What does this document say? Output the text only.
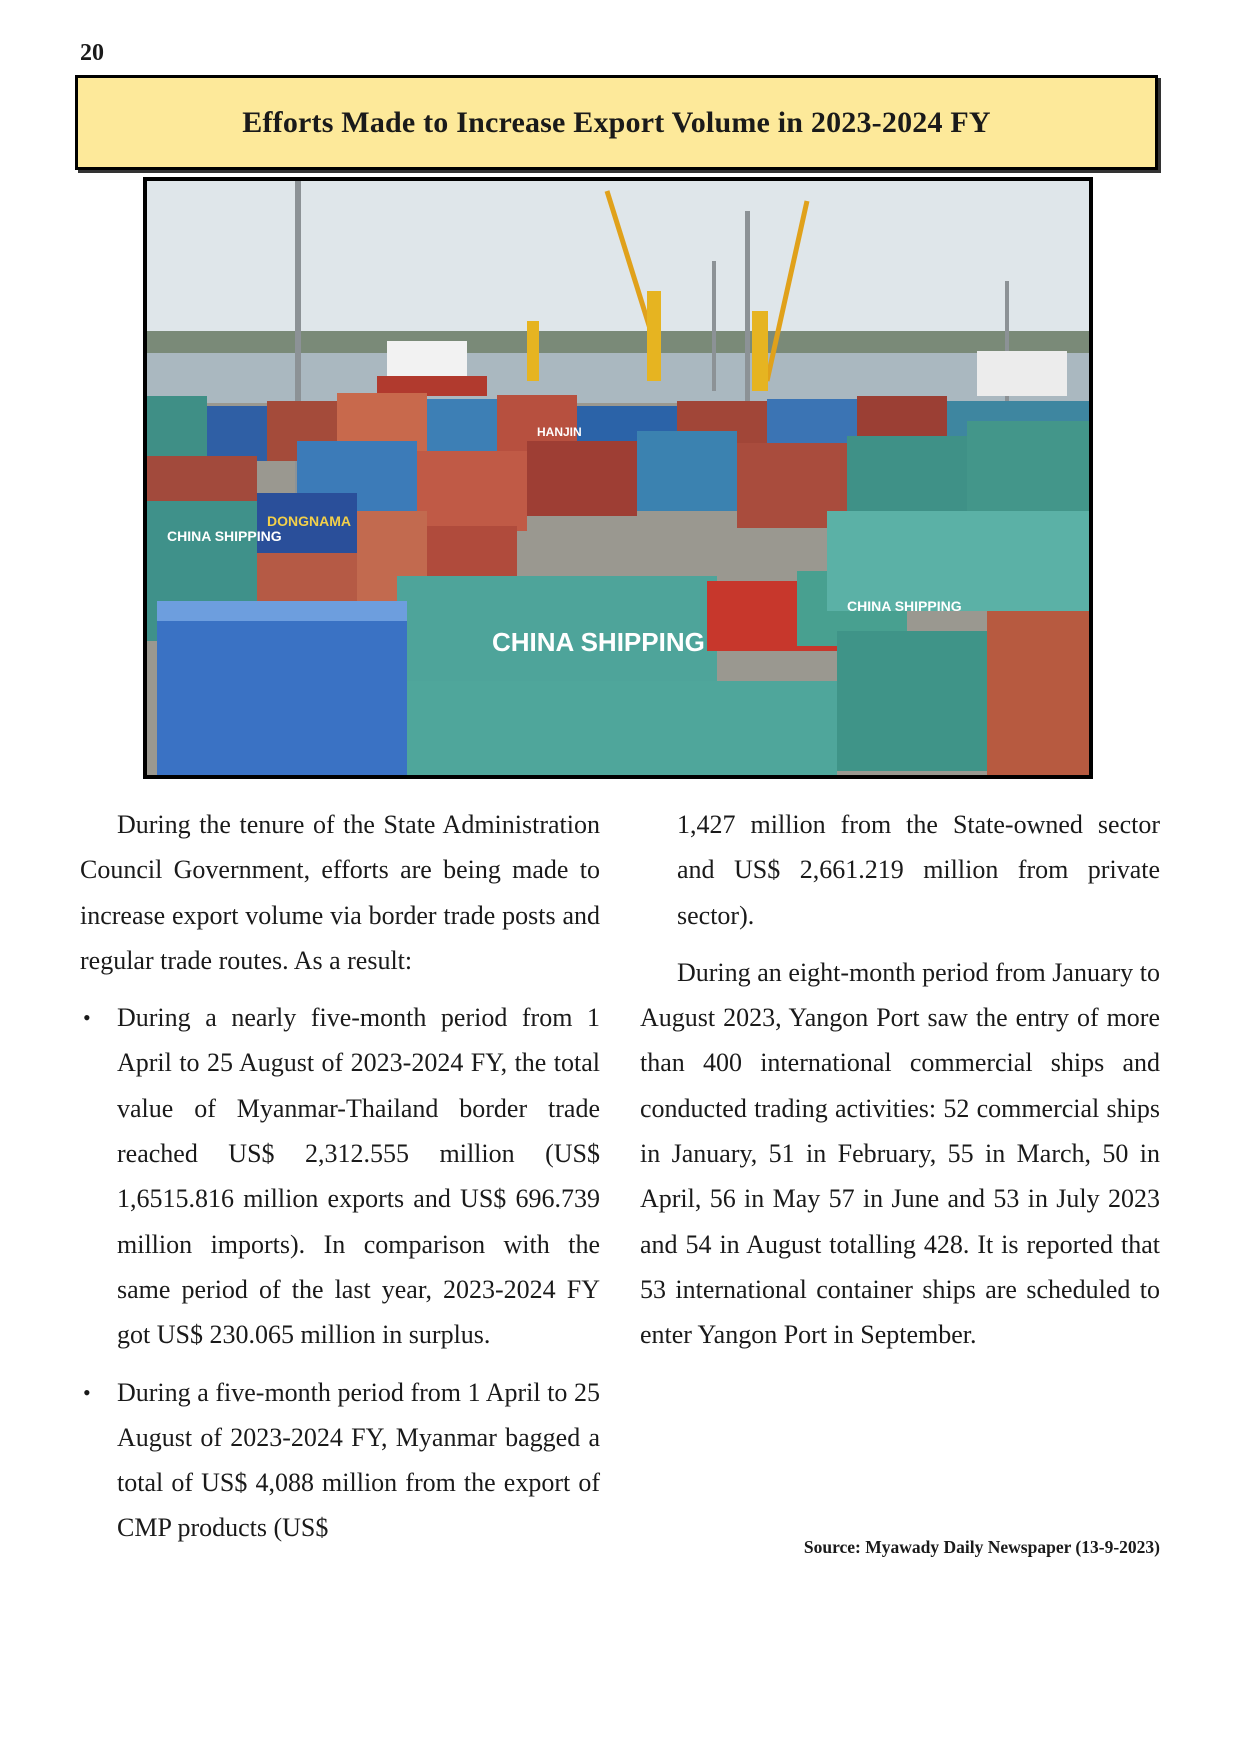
20
Efforts Made to Increase Export Volume in 2023-2024 FY
CHINA SHIPPING
DONGNAMA
HANJIN
CHINA SHIPPING
CHINA SHIPPING

During the tenure of the State Administration Council Government, efforts are being made to increase export volume via border trade posts and regular trade routes. As a result:

• During a nearly five-month period from 1 April to 25 August of 2023-2024 FY, the total value of Myanmar-Thailand border trade reached US$ 2,312.555 million (US$ 1,6515.816 million exports and US$ 696.739 million imports). In comparison with the same period of the last year, 2023-2024 FY got US$ 230.065 million in surplus.
• During a five-month period from 1 April to 25 August of 2023-2024 FY, Myanmar bagged a total of US$ 4,088 million from the export of CMP products (US$

1,427 million from the State-owned sector and US$ 2,661.219 million from private sector).

During an eight-month period from January to August 2023, Yangon Port saw the entry of more than 400 international commercial ships and conducted trading activities: 52 commercial ships in January, 51 in February, 55 in March, 50 in April, 56 in May 57 in June and 53 in July 2023 and 54 in August totalling 428. It is reported that 53 international container ships are scheduled to enter Yangon Port in September.

Source: Myawady Daily Newspaper (13-9-2023)
